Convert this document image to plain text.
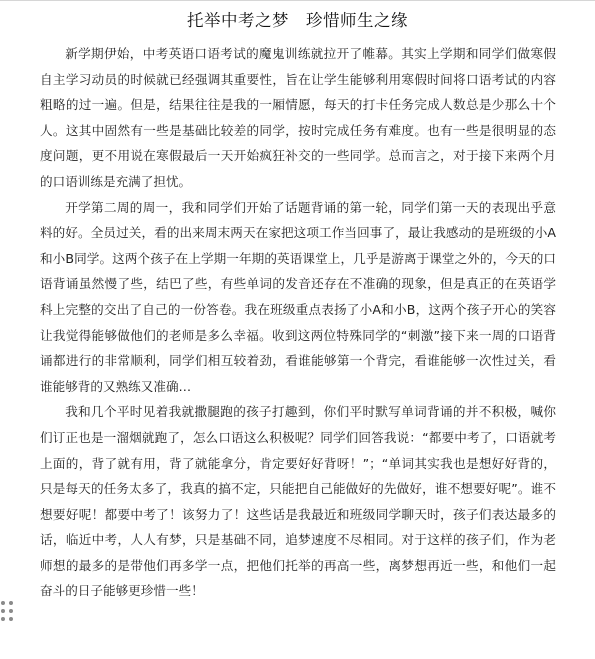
托举中考之梦　珍惜师生之缘

新学期伊始，中考英语口语考试的魔鬼训练就拉开了帷幕。其实上学期和同学们做寒假自主学习动员的时候就已经强调其重要性，旨在让学生能够利用寒假时间将口语考试的内容粗略的过一遍。但是，结果往往是我的一厢情愿，每天的打卡任务完成人数总是少那么十个人。这其中固然有一些是基础比较差的同学，按时完成任务有难度。也有一些是很明显的态度问题，更不用说在寒假最后一天开始疯狂补交的一些同学。总而言之，对于接下来两个月的口语训练是充满了担忧。

开学第二周的周一，我和同学们开始了话题背诵的第一轮，同学们第一天的表现出乎意料的好。全员过关，看的出来周末两天在家把这项工作当回事了，最让我感动的是班级的小A和小B同学。这两个孩子在上学期一年期的英语课堂上，几乎是游离于课堂之外的，今天的口语背诵虽然慢了些，结巴了些，有些单词的发音还存在不准确的现象，但是真正的在英语学科上完整的交出了自己的一份答卷。我在班级重点表扬了小A和小B，这两个孩子开心的笑容让我觉得能够做他们的老师是多么幸福。收到这两位特殊同学的“刺激”接下来一周的口语背诵都进行的非常顺利，同学们相互较着劲，看谁能够第一个背完，看谁能够一次性过关，看谁能够背的又熟练又准确…

我和几个平时见着我就撒腿跑的孩子打趣到，你们平时默写单词背诵的并不积极，喊你们订正也是一溜烟就跑了，怎么口语这么积极呢？同学们回答我说：“都要中考了，口语就考上面的，背了就有用，背了就能拿分，肯定要好好背呀！”；“单词其实我也是想好好背的，只是每天的任务太多了，我真的搞不定，只能把自己能做好的先做好，谁不想要好呢”。谁不想要好呢！都要中考了！该努力了！这些话是我最近和班级同学聊天时，孩子们表达最多的话，临近中考，人人有梦，只是基础不同，追梦速度不尽相同。对于这样的孩子们，作为老师想的最多的是带他们再多学一点，把他们托举的再高一些，离梦想再近一些，和他们一起奋斗的日子能够更珍惜一些！
